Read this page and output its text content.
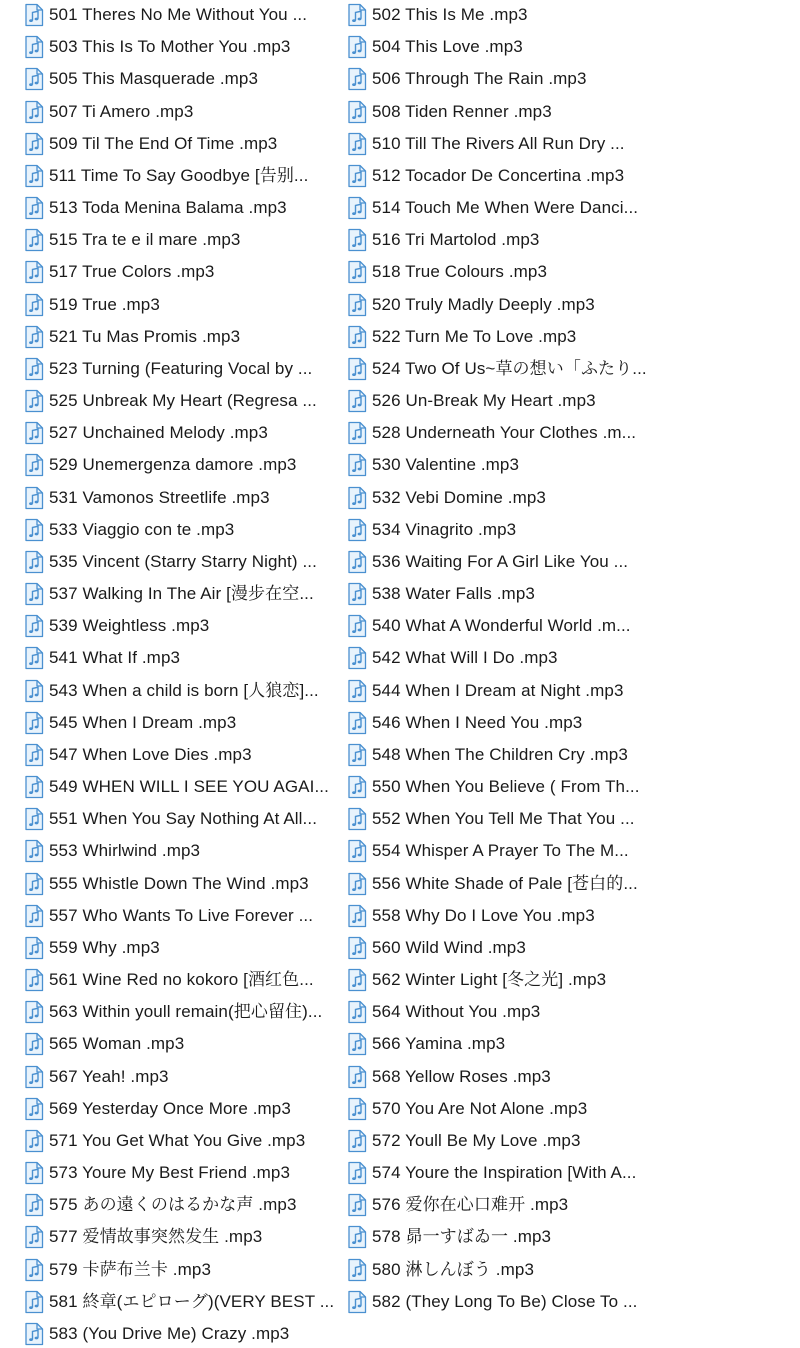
501 Theres No Me Without You ...	502 This Is Me .mp3
503 This Is To Mother You .mp3	504 This Love .mp3
505 This Masquerade .mp3	506 Through The Rain .mp3
507 Ti Amero .mp3	508 Tiden Renner .mp3
509 Til The End Of Time .mp3	510 Till The Rivers All Run Dry ...
511 Time To Say Goodbye [告别...	512 Tocador De Concertina .mp3
513 Toda Menina Balama .mp3	514 Touch Me When Were Danci...
515 Tra te e il mare .mp3	516 Tri Martolod .mp3
517 True Colors .mp3	518 True Colours .mp3
519 True .mp3	520 Truly Madly Deeply .mp3
521 Tu Mas Promis .mp3	522 Turn Me To Love .mp3
523 Turning (Featuring Vocal by ...	524 Two Of Us~草の想い「ふたり...
525 Unbreak My Heart (Regresa ...	526 Un-Break My Heart .mp3
527 Unchained Melody .mp3	528 Underneath Your Clothes .m...
529 Unemergenza damore .mp3	530 Valentine .mp3
531 Vamonos Streetlife .mp3	532 Vebi Domine .mp3
533 Viaggio con te .mp3	534 Vinagrito .mp3
535 Vincent (Starry Starry Night) ...	536 Waiting For A Girl Like You ...
537 Walking In The Air [漫步在空...	538 Water Falls .mp3
539 Weightless .mp3	540 What A Wonderful World .m...
541 What If .mp3	542 What Will I Do .mp3
543 When a child is born [人狼恋]...	544 When I Dream at Night .mp3
545 When I Dream .mp3	546 When I Need You .mp3
547 When Love Dies .mp3	548 When The Children Cry .mp3
549 WHEN WILL I SEE YOU AGAI...	550 When You Believe ( From Th...
551 When You Say Nothing At All...	552 When You Tell Me That You ...
553 Whirlwind .mp3	554 Whisper A Prayer To The M...
555 Whistle Down The Wind .mp3	556 White Shade of Pale [苍白的...
557 Who Wants To Live Forever ...	558 Why Do I Love You .mp3
559 Why .mp3	560 Wild Wind .mp3
561 Wine Red no kokoro [酒红色...	562 Winter Light [冬之光] .mp3
563 Within youll remain(把心留住)...	564 Without You .mp3
565 Woman .mp3	566 Yamina .mp3
567 Yeah! .mp3	568 Yellow Roses .mp3
569 Yesterday Once More .mp3	570 You Are Not Alone .mp3
571 You Get What You Give .mp3	572 Youll Be My Love .mp3
573 Youre My Best Friend .mp3	574 Youre the Inspiration [With A...
575 あの遠くのはるかな声 .mp3	576 爱你在心口难开 .mp3
577 爱情故事突然发生 .mp3	578 昴一すばゐ一 .mp3
579 卡萨布兰卡 .mp3	580 淋しんぼう .mp3
581 終章(エピローグ)(VERY BEST ... 582 (They Long To Be) Close To ...
583 (You Drive Me) Crazy .mp3
